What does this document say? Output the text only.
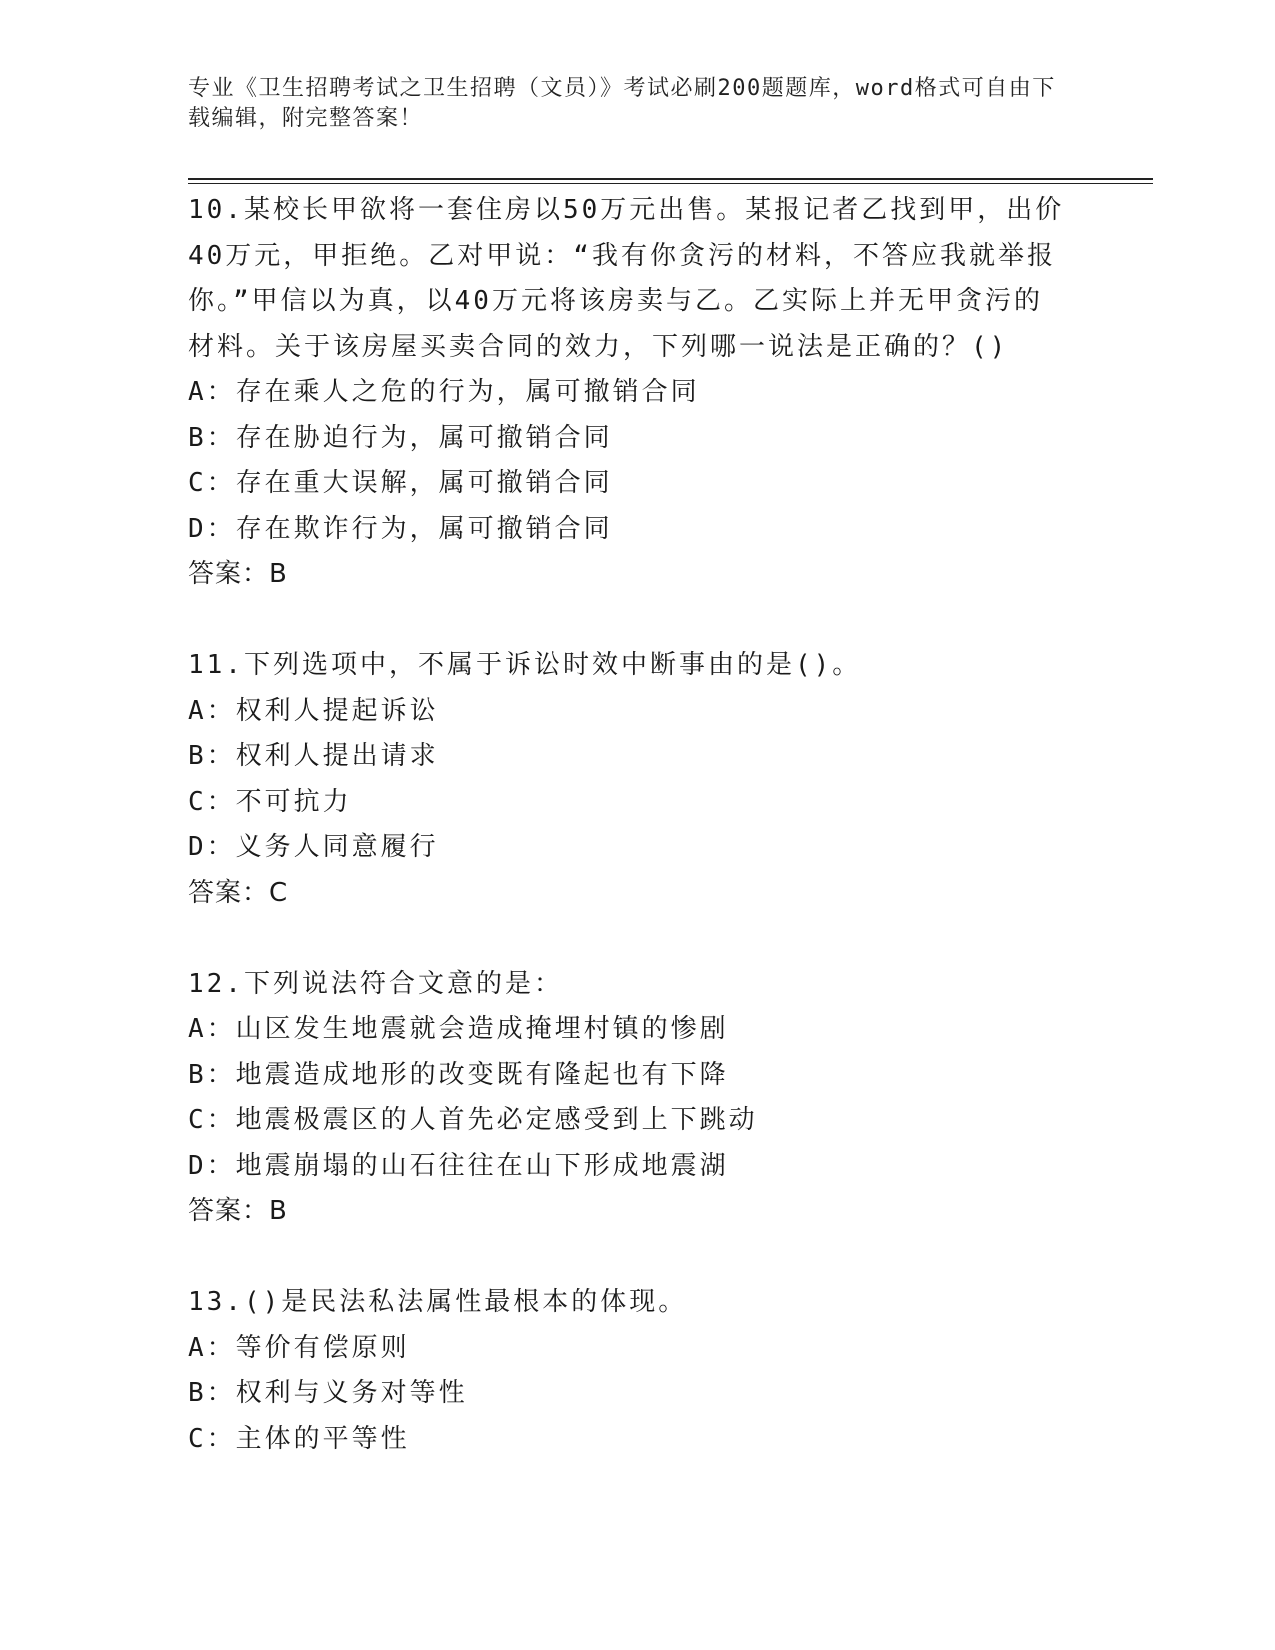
专业《卫生招聘考试之卫生招聘（文员）》考试必刷200题题库，word格式可自由下载编辑，附完整答案！
10.某校长甲欲将一套住房以50万元出售。某报记者乙找到甲，出价40万元，甲拒绝。乙对甲说：“我有你贪污的材料，不答应我就举报你。”甲信以为真，以40万元将该房卖与乙。乙实际上并无甲贪污的材料。关于该房屋买卖合同的效力，下列哪一说法是正确的？()
A：存在乘人之危的行为，属可撤销合同
B：存在胁迫行为，属可撤销合同
C：存在重大误解，属可撤销合同
D：存在欺诈行为，属可撤销合同
答案：B
11.下列选项中，不属于诉讼时效中断事由的是()。
A：权利人提起诉讼
B：权利人提出请求
C：不可抗力
D：义务人同意履行
答案：C
12.下列说法符合文意的是：
A：山区发生地震就会造成掩埋村镇的惨剧
B：地震造成地形的改变既有隆起也有下降
C：地震极震区的人首先必定感受到上下跳动
D：地震崩塌的山石往往在山下形成地震湖
答案：B
13.()是民法私法属性最根本的体现。
A：等价有偿原则
B：权利与义务对等性
C：主体的平等性
